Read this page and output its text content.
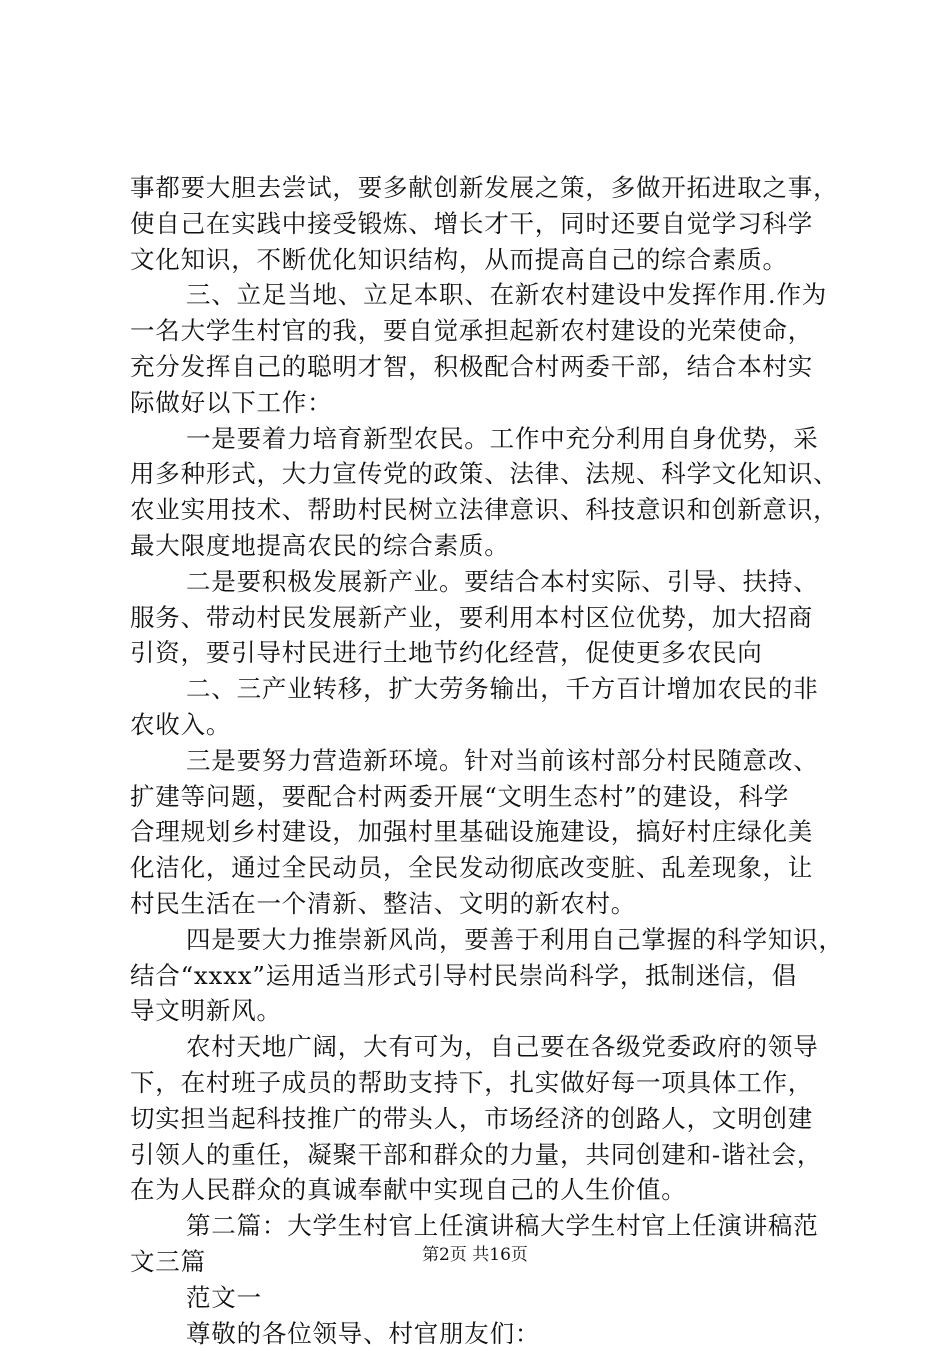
事都要大胆去尝试，要多献创新发展之策，多做开拓进取之事，
使自己在实践中接受锻炼、增长才干，同时还要自觉学习科学
文化知识，不断优化知识结构，从而提高自己的综合素质。
三、立足当地、立足本职、在新农村建设中发挥作用.作为
一名大学生村官的我，要自觉承担起新农村建设的光荣使命，
充分发挥自己的聪明才智，积极配合村两委干部，结合本村实
际做好以下工作：
一是要着力培育新型农民。工作中充分利用自身优势，采
用多种形式，大力宣传党的政策、法律、法规、科学文化知识、
农业实用技术、帮助村民树立法律意识、科技意识和创新意识，
最大限度地提高农民的综合素质。
二是要积极发展新产业。要结合本村实际、引导、扶持、
服务、带动村民发展新产业，要利用本村区位优势，加大招商
引资，要引导村民进行土地节约化经营，促使更多农民向
二、三产业转移，扩大劳务输出，千方百计增加农民的非
农收入。
三是要努力营造新环境。针对当前该村部分村民随意改、
扩建等问题，要配合村两委开展“文明生态村”的建设，科学
合理规划乡村建设，加强村里基础设施建设，搞好村庄绿化美
化洁化，通过全民动员，全民发动彻底改变脏、乱差现象，让
村民生活在一个清新、整洁、文明的新农村。
四是要大力推崇新风尚，要善于利用自己掌握的科学知识，
结合“xxxx”运用适当形式引导村民崇尚科学，抵制迷信，倡
导文明新风。
农村天地广阔，大有可为，自己要在各级党委政府的领导
下，在村班子成员的帮助支持下，扎实做好每一项具体工作，
切实担当起科技推广的带头人，市场经济的创路人，文明创建
引领人的重任，凝聚干部和群众的力量，共同创建和-谐社会，
在为人民群众的真诚奉献中实现自己的人生价值。
第二篇：大学生村官上任演讲稿大学生村官上任演讲稿范
文三篇
范文一
尊敬的各位领导、村官朋友们：
第2页 共16页
